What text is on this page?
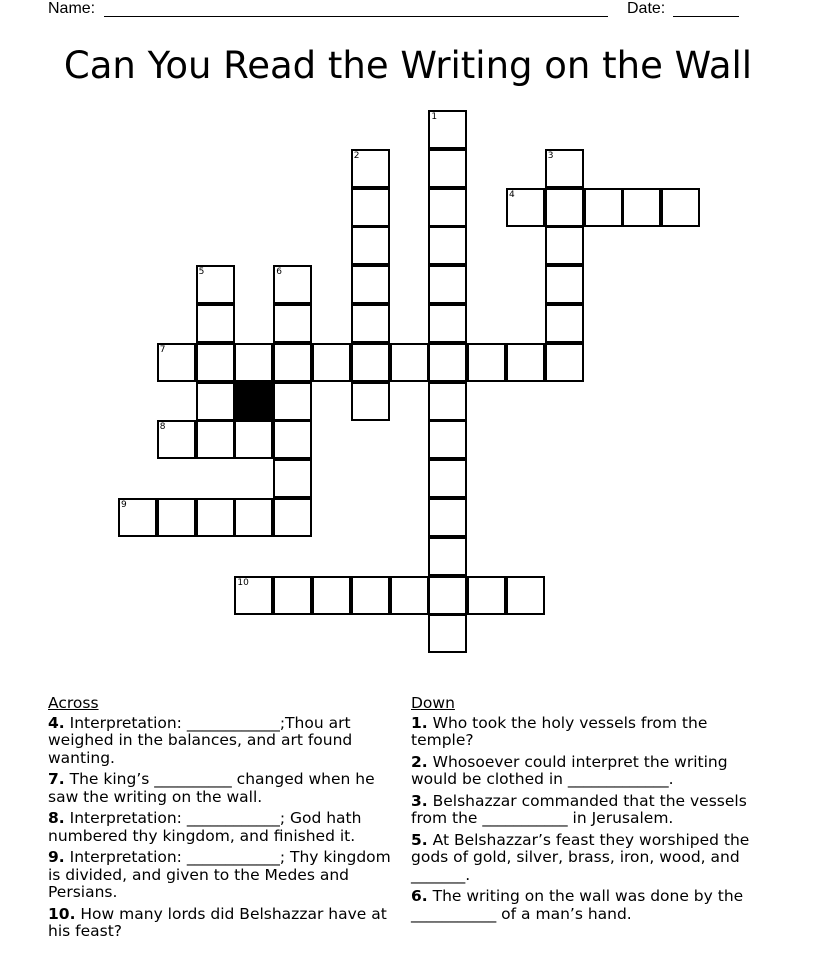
Name:	Date:
Can You Read the Writing on the Wall
1
2	3
4
5	6
7
8
9
10
Across
4. Interpretation: ____________;Thou art weighed in the balances, and art found wanting.
7. The king’s __________ changed when he saw the writing on the wall.
8. Interpretation: ____________; God hath numbered thy kingdom, and finished it.
9. Interpretation: ____________; Thy kingdom is divided, and given to the Medes and Persians.
10. How many lords did Belshazzar have at his feast?
Down
1. Who took the holy vessels from the temple?
2. Whosoever could interpret the writing would be clothed in _____________.
3. Belshazzar commanded that the vessels from the ___________ in Jerusalem.
5. At Belshazzar’s feast they worshiped the gods of gold, silver, brass, iron, wood, and _______.
6. The writing on the wall was done by the ___________ of a man’s hand.
